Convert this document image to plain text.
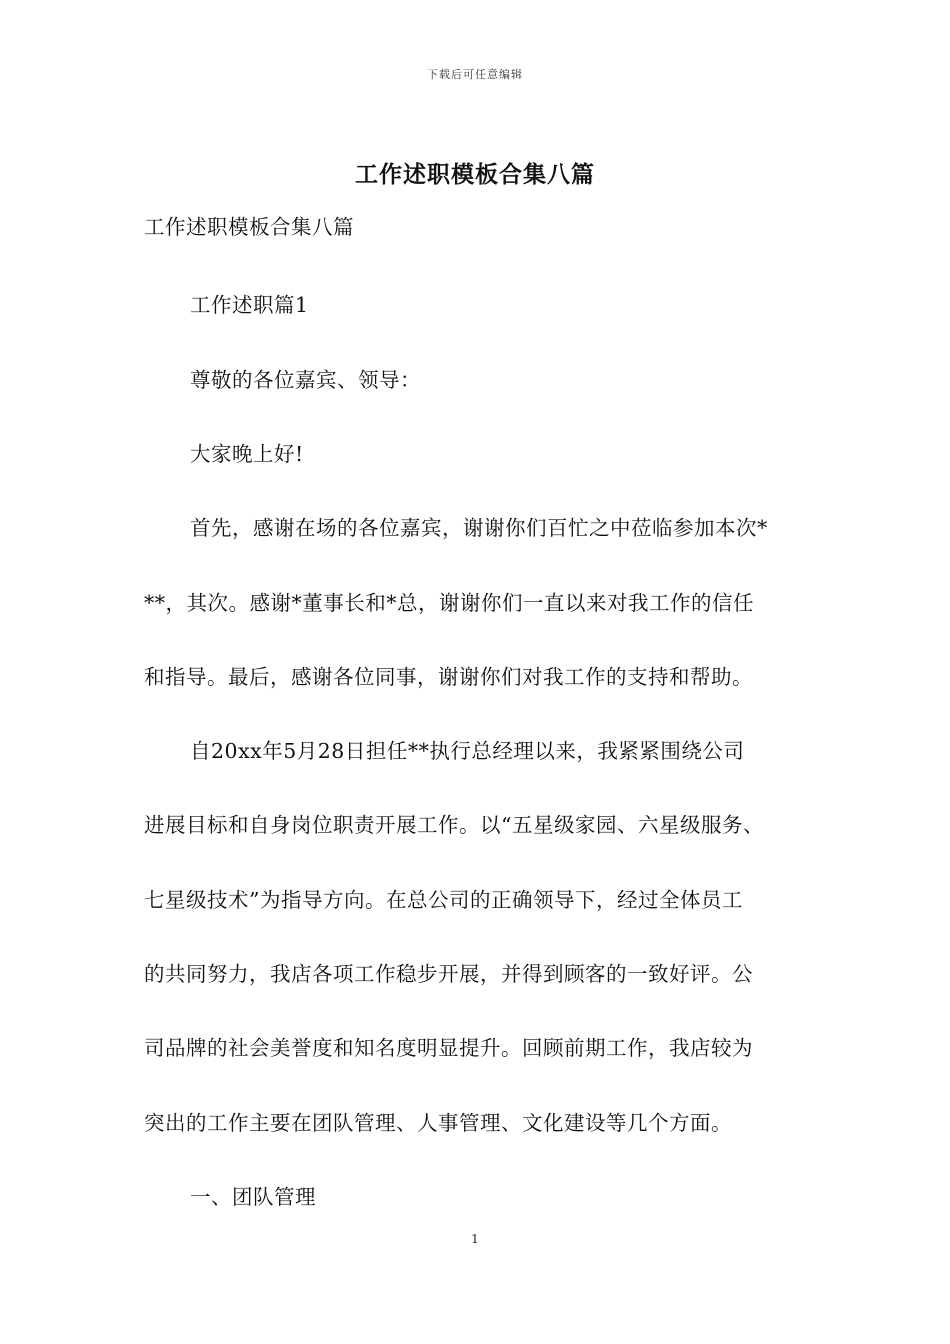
下载后可任意编辑
工作述职模板合集八篇
工作述职模板合集八篇
工作述职篇1
尊敬的各位嘉宾、领导：
大家晚上好!
首先，感谢在场的各位嘉宾，谢谢你们百忙之中莅临参加本次*
**，其次。感谢*董事长和*总，谢谢你们一直以来对我工作的信任
和指导。最后，感谢各位同事，谢谢你们对我工作的支持和帮助。
自20xx年5月28日担任**执行总经理以来，我紧紧围绕公司
进展目标和自身岗位职责开展工作。以“五星级家园、六星级服务、
七星级技术”为指导方向。在总公司的正确领导下，经过全体员工
的共同努力，我店各项工作稳步开展，并得到顾客的一致好评。公
司品牌的社会美誉度和知名度明显提升。回顾前期工作，我店较为
突出的工作主要在团队管理、人事管理、文化建设等几个方面。
一、团队管理
1
